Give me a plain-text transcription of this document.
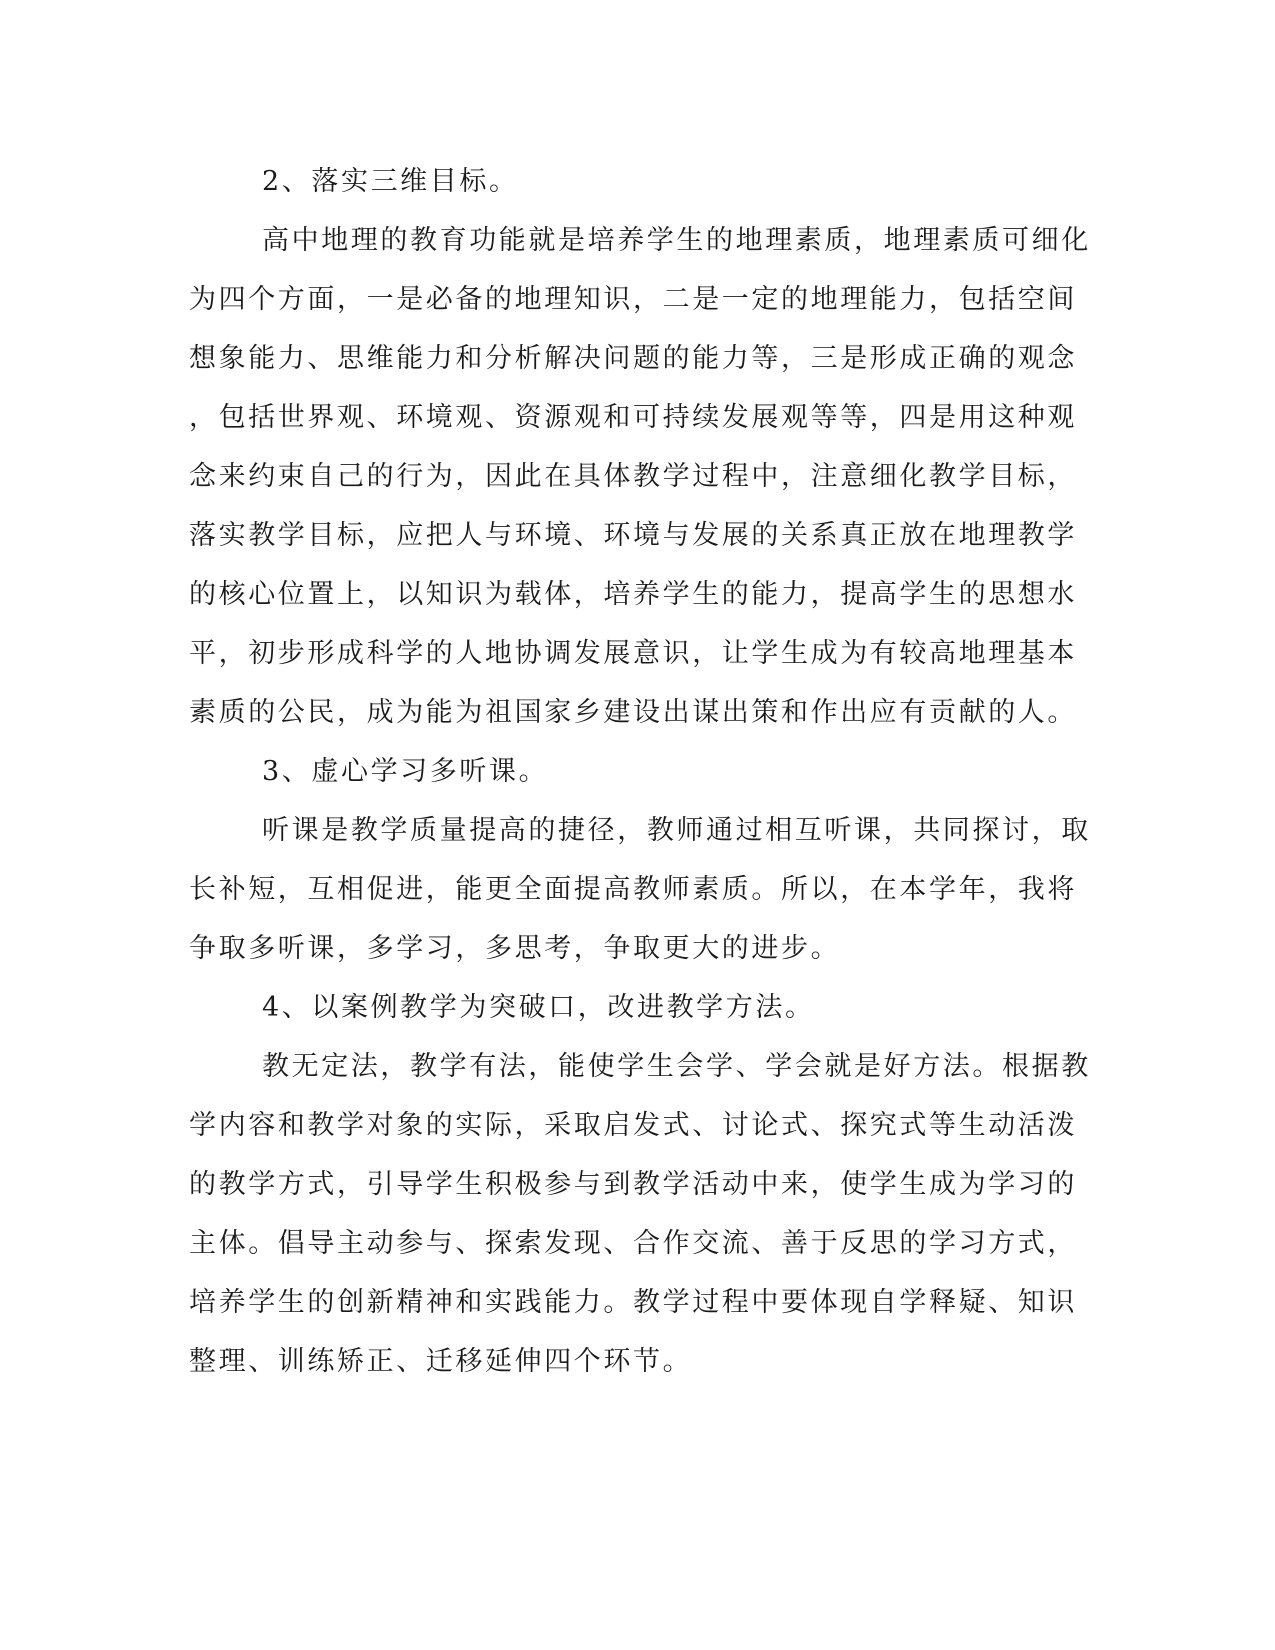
2、落实三维目标。
高中地理的教育功能就是培养学生的地理素质，地理素质可细化
为四个方面，一是必备的地理知识，二是一定的地理能力，包括空间
想象能力、思维能力和分析解决问题的能力等，三是形成正确的观念
，包括世界观、环境观、资源观和可持续发展观等等，四是用这种观
念来约束自己的行为，因此在具体教学过程中，注意细化教学目标，
落实教学目标，应把人与环境、环境与发展的关系真正放在地理教学
的核心位置上，以知识为载体，培养学生的能力，提高学生的思想水
平，初步形成科学的人地协调发展意识，让学生成为有较高地理基本
素质的公民，成为能为祖国家乡建设出谋出策和作出应有贡献的人。
3、虚心学习多听课。
听课是教学质量提高的捷径，教师通过相互听课，共同探讨，取
长补短，互相促进，能更全面提高教师素质。所以，在本学年，我将
争取多听课，多学习，多思考，争取更大的进步。
4、以案例教学为突破口，改进教学方法。
教无定法，教学有法，能使学生会学、学会就是好方法。根据教
学内容和教学对象的实际，采取启发式、讨论式、探究式等生动活泼
的教学方式，引导学生积极参与到教学活动中来，使学生成为学习的
主体。倡导主动参与、探索发现、合作交流、善于反思的学习方式，
培养学生的创新精神和实践能力。教学过程中要体现自学释疑、知识
整理、训练矫正、迁移延伸四个环节。
